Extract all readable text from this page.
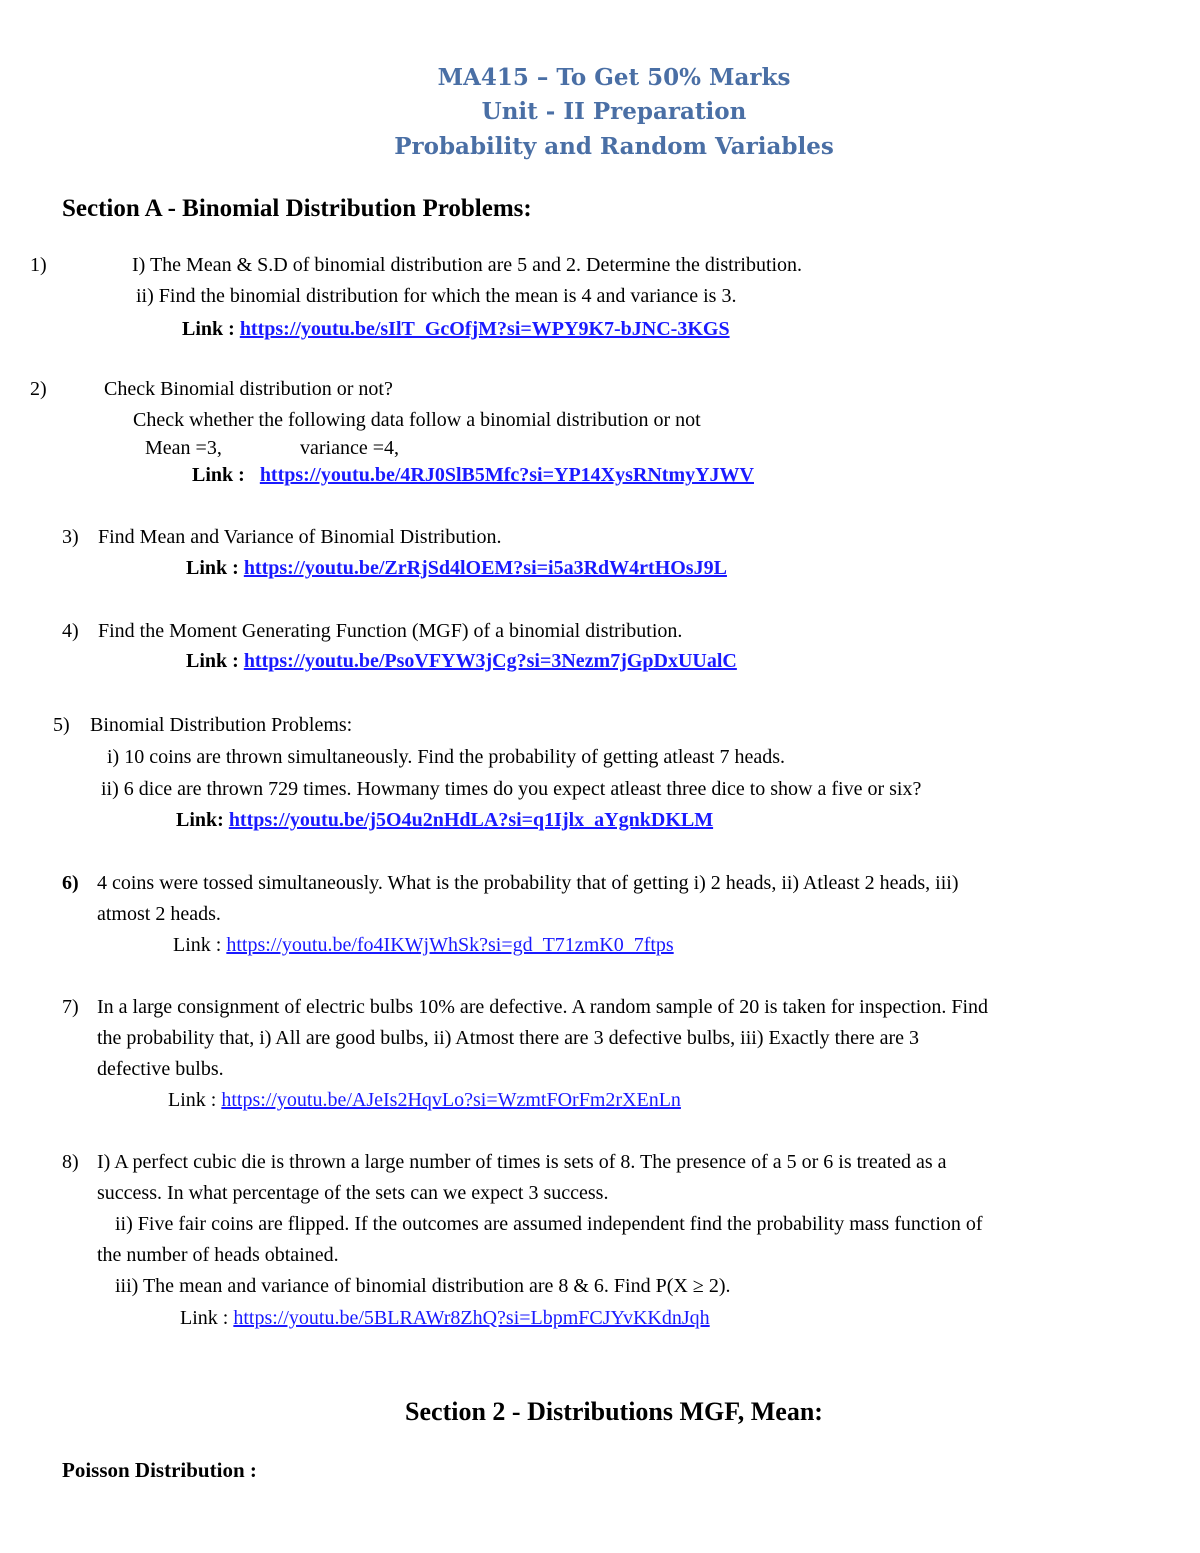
MA415 – To Get 50% Marks
Unit - II Preparation
Probability and Random Variables
Section A - Binomial Distribution Problems:
1)	I) The Mean & S.D of binomial distribution are 5 and 2. Determine the distribution.
ii) Find the binomial distribution for which the mean is 4 and variance is 3.
Link : https://youtu.be/sIlT_GcOfjM?si=WPY9K7-bJNC-3KGS
2)	Check Binomial distribution or not?
Check whether the following data follow a binomial distribution or not
Mean =3,	variance =4,
Link : https://youtu.be/4RJ0SlB5Mfc?si=YP14XysRNtmyYJWV
3) Find Mean and Variance of Binomial Distribution.
Link : https://youtu.be/ZrRjSd4lOEM?si=i5a3RdW4rtHOsJ9L
4) Find the Moment Generating Function (MGF) of a binomial distribution.
Link : https://youtu.be/PsoVFYW3jCg?si=3Nezm7jGpDxUUalC
5) Binomial Distribution Problems:
i) 10 coins are thrown simultaneously. Find the probability of getting atleast 7 heads.
ii) 6 dice are thrown 729 times. Howmany times do you expect atleast three dice to show a five or six?
Link: https://youtu.be/j5O4u2nHdLA?si=q1Ijlx_aYgnkDKLM
6) 4 coins were tossed simultaneously. What is the probability that of getting i) 2 heads, ii) Atleast 2 heads, iii)
atmost 2 heads.
Link : https://youtu.be/fo4IKWjWhSk?si=gd_T71zmK0_7ftps
7) In a large consignment of electric bulbs 10% are defective. A random sample of 20 is taken for inspection. Find
the probability that, i) All are good bulbs, ii) Atmost there are 3 defective bulbs, iii) Exactly there are 3
defective bulbs.
Link : https://youtu.be/AJeIs2HqvLo?si=WzmtFOrFm2rXEnLn
8) I) A perfect cubic die is thrown a large number of times is sets of 8. The presence of a 5 or 6 is treated as a
success. In what percentage of the sets can we expect 3 success.
ii) Five fair coins are flipped. If the outcomes are assumed independent find the probability mass function of
the number of heads obtained.
iii) The mean and variance of binomial distribution are 8 & 6. Find P(X ≥ 2).
Link : https://youtu.be/5BLRAWr8ZhQ?si=LbpmFCJYvKKdnJqh
Section 2 - Distributions MGF, Mean:
Poisson Distribution :
